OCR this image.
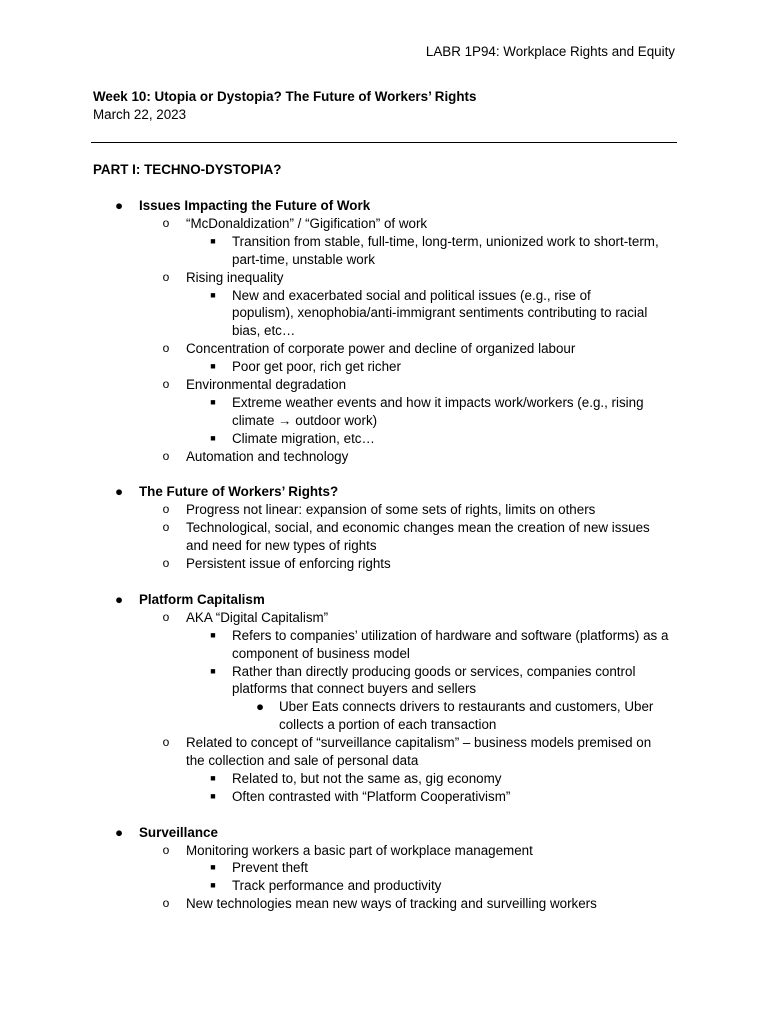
LABR 1P94: Workplace Rights and Equity
Week 10: Utopia or Dystopia? The Future of Workers’ Rights
March 22, 2023
PART I: TECHNO-DYSTOPIA?
● Issues Impacting the Future of Work
o “McDonaldization” / “Gigification” of work
■ Transition from stable, full-time, long-term, unionized work to short-term, part-time, unstable work
o Rising inequality
■ New and exacerbated social and political issues (e.g., rise of populism), xenophobia/anti-immigrant sentiments contributing to racial bias, etc…
o Concentration of corporate power and decline of organized labour
■ Poor get poor, rich get richer
o Environmental degradation
■ Extreme weather events and how it impacts work/workers (e.g., rising climate → outdoor work)
■ Climate migration, etc…
o Automation and technology
● The Future of Workers’ Rights?
o Progress not linear: expansion of some sets of rights, limits on others
o Technological, social, and economic changes mean the creation of new issues and need for new types of rights
o Persistent issue of enforcing rights
● Platform Capitalism
o AKA “Digital Capitalism”
■ Refers to companies’ utilization of hardware and software (platforms) as a component of business model
■ Rather than directly producing goods or services, companies control platforms that connect buyers and sellers
● Uber Eats connects drivers to restaurants and customers, Uber collects a portion of each transaction
o Related to concept of “surveillance capitalism” – business models premised on the collection and sale of personal data
■ Related to, but not the same as, gig economy
■ Often contrasted with “Platform Cooperativism”
● Surveillance
o Monitoring workers a basic part of workplace management
■ Prevent theft
■ Track performance and productivity
o New technologies mean new ways of tracking and surveilling workers
